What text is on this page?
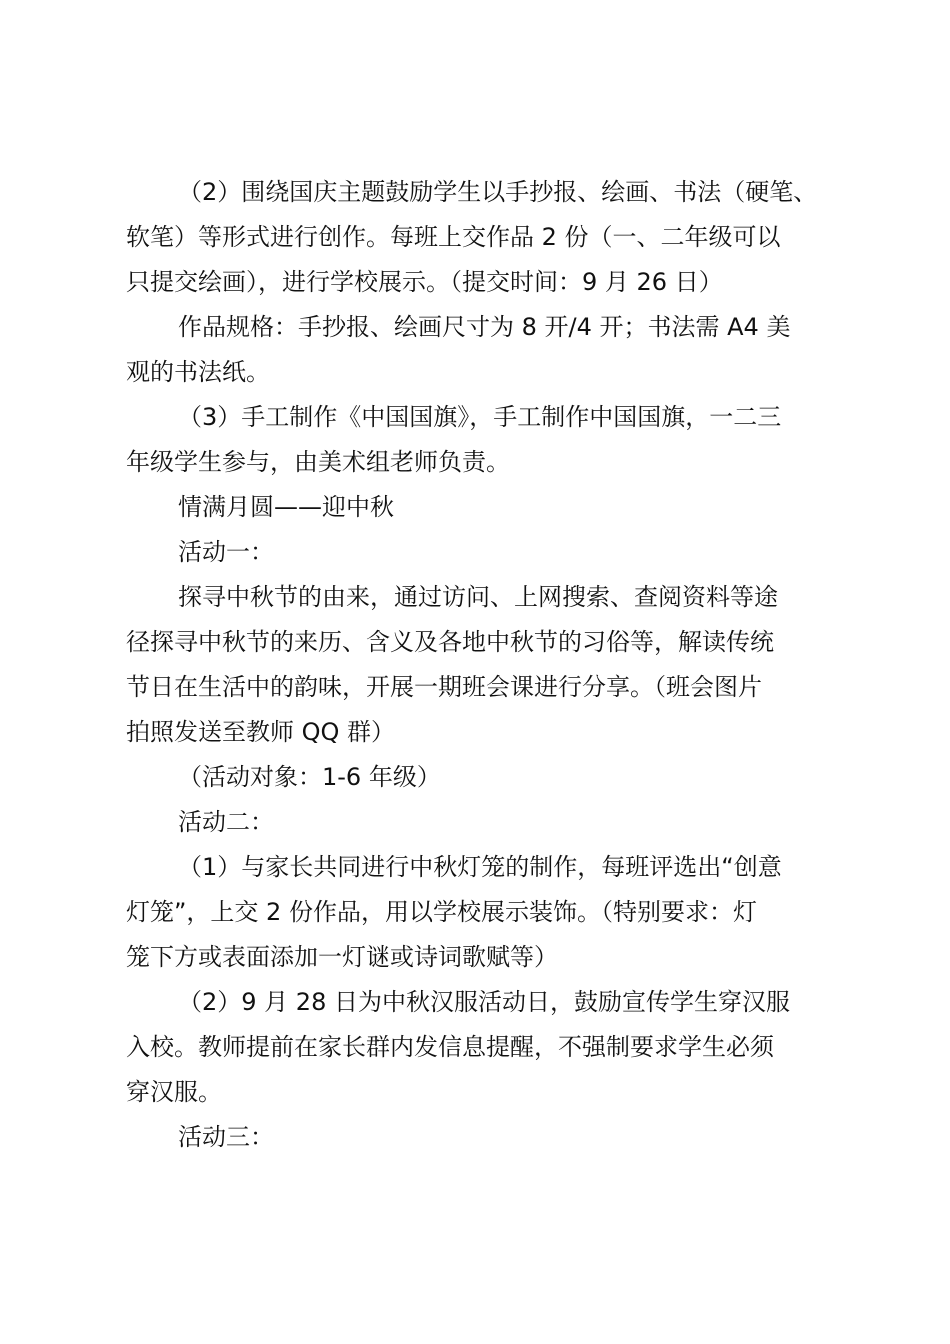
（2）围绕国庆主题鼓励学生以手抄报、绘画、书法（硬笔、
软笔）等形式进行创作。每班上交作品 2 份（一、二年级可以
只提交绘画），进行学校展示。（提交时间：9 月 26 日）
作品规格：手抄报、绘画尺寸为 8 开/4 开；书法需 A4 美
观的书法纸。
（3）手工制作《中国国旗》，手工制作中国国旗，一二三
年级学生参与，由美术组老师负责。
情满月圆——迎中秋
活动一：
探寻中秋节的由来，通过访问、上网搜索、查阅资料等途
径探寻中秋节的来历、含义及各地中秋节的习俗等，解读传统
节日在生活中的韵味，开展一期班会课进行分享。（班会图片
拍照发送至教师 QQ 群）
（活动对象：1-6 年级）
活动二：
（1）与家长共同进行中秋灯笼的制作，每班评选出“创意
灯笼”，上交 2 份作品，用以学校展示装饰。（特别要求：灯
笼下方或表面添加一灯谜或诗词歌赋等）
（2）9 月 28 日为中秋汉服活动日，鼓励宣传学生穿汉服
入校。教师提前在家长群内发信息提醒，不强制要求学生必须
穿汉服。
活动三：
